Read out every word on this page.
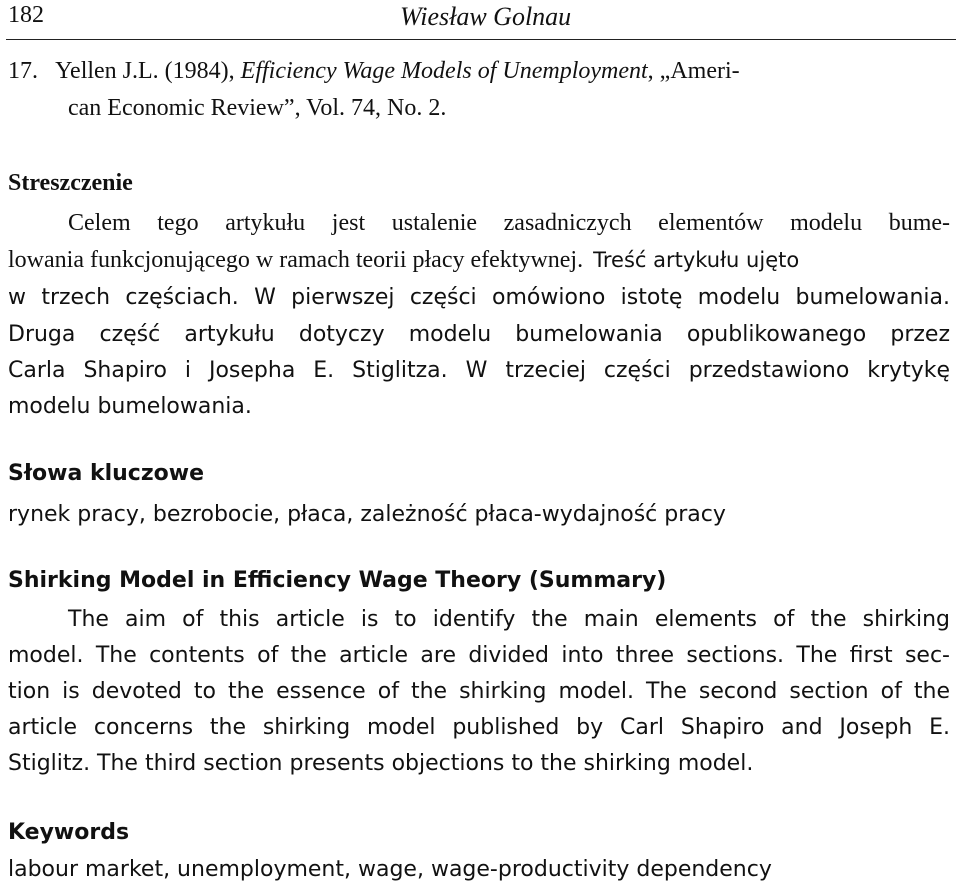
182	Wiesław Golnau
17.   Yellen J.L. (1984), Efficiency Wage Models of Unemployment, „Ameri-
can Economic Review”, Vol. 74, No. 2.
Streszczenie
Celem tego artykułu jest ustalenie zasadniczych elementów modelu bume-
lowania funkcjonującego w ramach teorii płacy efektywnej. Treść artykułu ujęto
w trzech częściach. W pierwszej części omówiono istotę modelu bumelowania.
Druga część artykułu dotyczy modelu bumelowania opublikowanego przez
Carla Shapiro i Josepha E. Stiglitza. W trzeciej części przedstawiono krytykę
modelu bumelowania.
Słowa kluczowe
rynek pracy, bezrobocie, płaca, zależność płaca-wydajność pracy
Shirking Model in Efficiency Wage Theory (Summary)
The aim of this article is to identify the main elements of the shirking
model. The contents of the article are divided into three sections. The first sec-
tion is devoted to the essence of the shirking model. The second section of the
article concerns the shirking model published by Carl Shapiro and Joseph E.
Stiglitz. The third section presents objections to the shirking model.
Keywords
labour market, unemployment, wage, wage-productivity dependency
